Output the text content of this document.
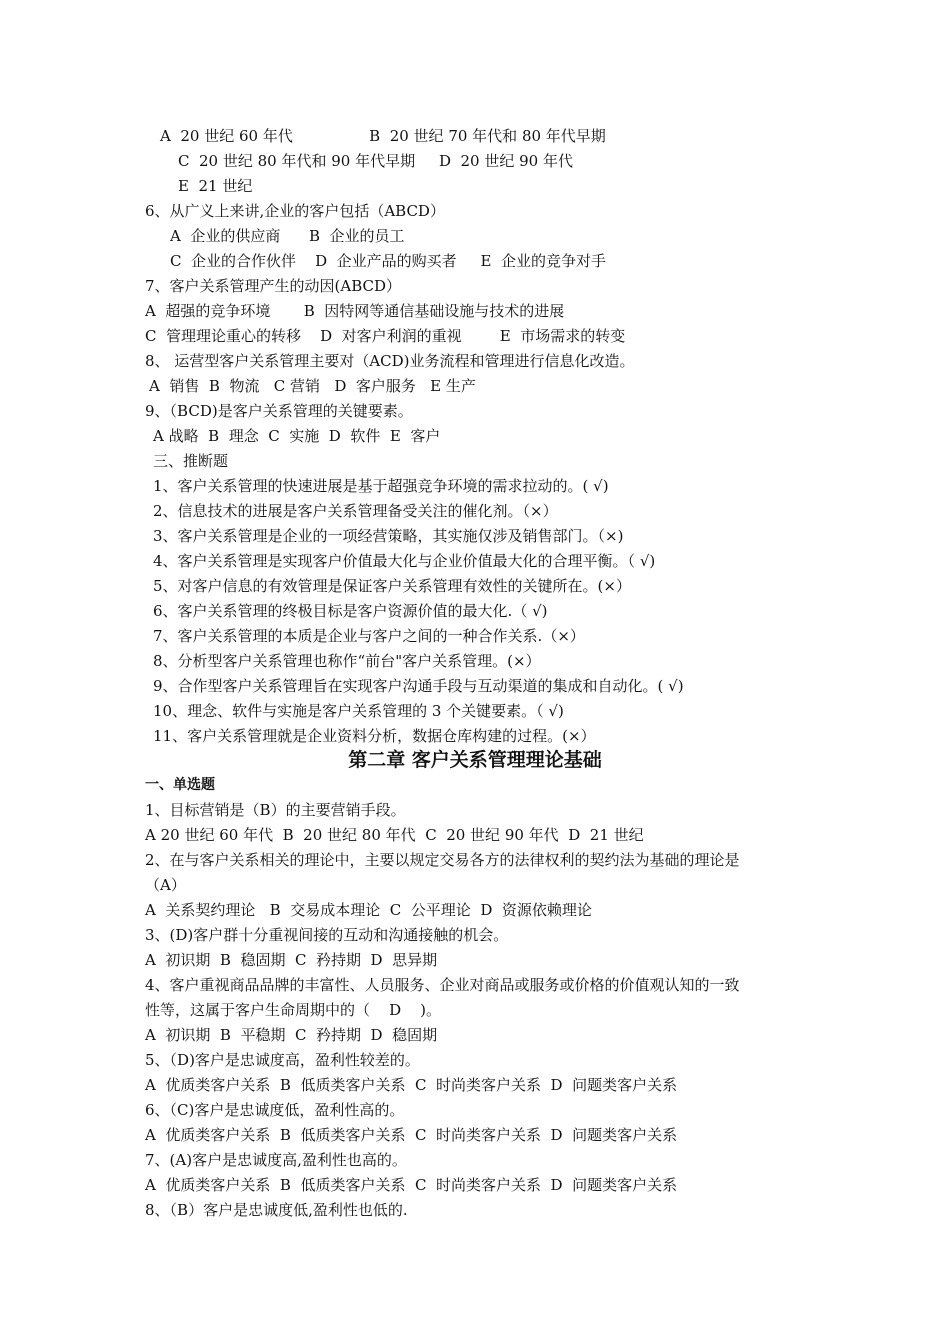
A  20 世纪 60 年代                B  20 世纪 70 年代和 80 年代早期
C  20 世纪 80 年代和 90 年代早期     D  20 世纪 90 年代
E  21 世纪
6、从广义上来讲,企业的客户包括（ABCD）
A  企业的供应商      B  企业的员工
C  企业的合作伙伴    D  企业产品的购买者     E  企业的竞争对手
7、客户关系管理产生的动因(ABCD）
A  超强的竞争环境       B  因特网等通信基础设施与技术的进展
C  管理理论重心的转移    D  对客户利润的重视        E  市场需求的转变
8、 运营型客户关系管理主要对（ACD)业务流程和管理进行信息化改造。
A  销售  B  物流   C 营销   D  客户服务   E 生产
9、（BCD)是客户关系管理的关键要素。
A 战略  B  理念  C  实施  D  软件  E  客户
三、推断题
1、客户关系管理的快速进展是基于超强竞争环境的需求拉动的。( √)
2、信息技术的进展是客户关系管理备受关注的催化剂。（×）
3、客户关系管理是企业的一项经营策略，其实施仅涉及销售部门。（×)
4、客户关系管理是实现客户价值最大化与企业价值最大化的合理平衡。（ √)
5、对客户信息的有效管理是保证客户关系管理有效性的关键所在。(×）
6、客户关系管理的终极目标是客户资源价值的最大化.（ √)
7、客户关系管理的本质是企业与客户之间的一种合作关系.（×）
8、分析型客户关系管理也称作“前台"客户关系管理。(×）
9、合作型客户关系管理旨在实现客户沟通手段与互动渠道的集成和自动化。( √)
10、理念、软件与实施是客户关系管理的 3 个关键要素。（ √)
11、客户关系管理就是企业资料分析，数据仓库构建的过程。(×）
第二章 客户关系管理理论基础
一、单选题
1、目标营销是（B）的主要营销手段。
A 20 世纪 60 年代  B  20 世纪 80 年代  C  20 世纪 90 年代  D  21 世纪
2、在与客户关系相关的理论中，主要以规定交易各方的法律权利的契约法为基础的理论是
（A）
A  关系契约理论   B  交易成本理论  C  公平理论  D  资源依赖理论
3、(D)客户群十分重视间接的互动和沟通接触的机会。
A  初识期  B  稳固期  C  矜持期  D  思异期
4、客户重视商品品牌的丰富性、人员服务、企业对商品或服务或价格的价值观认知的一致
性等，这属于客户生命周期中的（    D    )。
A  初识期  B  平稳期  C  矜持期  D  稳固期
5、（D)客户是忠诚度高，盈利性较差的。
A  优质类客户关系  B  低质类客户关系  C  时尚类客户关系  D  问题类客户关系
6、（C)客户是忠诚度低，盈利性高的。
A  优质类客户关系  B  低质类客户关系  C  时尚类客户关系  D  问题类客户关系
7、(A)客户是忠诚度高,盈利性也高的。
A  优质类客户关系  B  低质类客户关系  C  时尚类客户关系  D  问题类客户关系
8、（B）客户是忠诚度低,盈利性也低的.
